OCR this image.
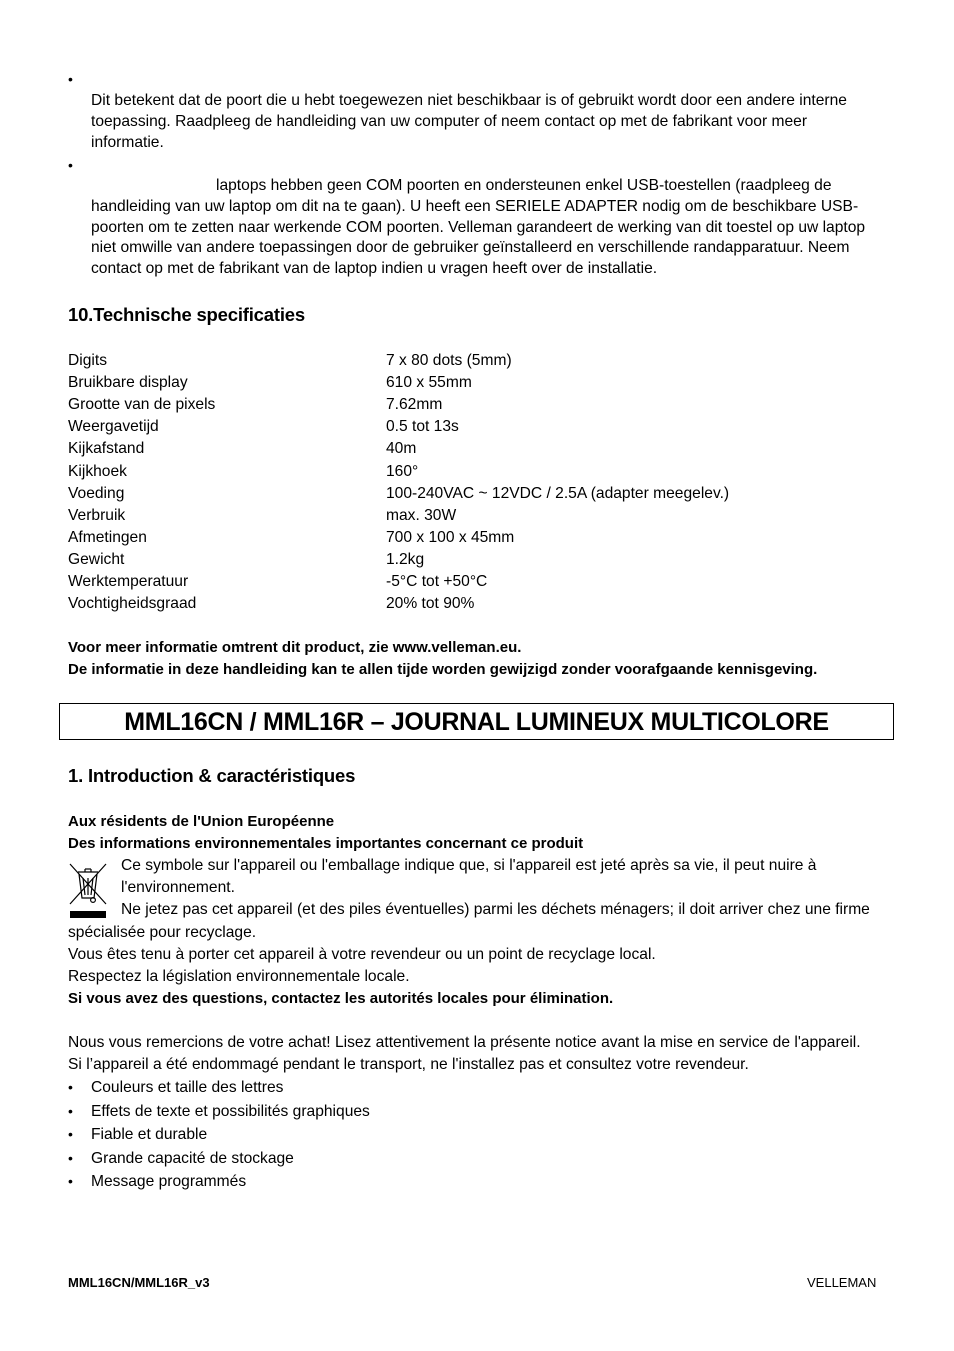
•
Dit betekent dat de poort die u hebt toegewezen niet beschikbaar is of gebruikt wordt door een andere interne
toepassing. Raadpleeg de handleiding van uw computer of neem contact op met de fabrikant voor meer
informatie.
•
laptops hebben geen COM poorten en ondersteunen enkel USB-toestellen (raadpleeg de
handleiding van uw laptop om dit na te gaan). U heeft een SERIELE ADAPTER nodig om de beschikbare USB-
poorten om te zetten naar werkende COM poorten. Velleman garandeert de werking van dit toestel op uw laptop
niet omwille van andere toepassingen door de gebruiker geïnstalleerd en verschillende randapparatuur. Neem
contact op met de fabrikant van de laptop indien u vragen heeft over de installatie.
10.Technische specificaties
Digits	7 x 80 dots (5mm)
Bruikbare display	610 x 55mm
Grootte van de pixels	7.62mm
Weergavetijd	0.5 tot 13s
Kijkafstand	40m
Kijkhoek	160°
Voeding	100-240VAC ~ 12VDC / 2.5A (adapter meegelev.)
Verbruik	max. 30W
Afmetingen	700 x 100 x 45mm
Gewicht	1.2kg
Werktemperatuur	-5°C tot +50°C
Vochtigheidsgraad	20% tot 90%
Voor meer informatie omtrent dit product, zie www.velleman.eu.
De informatie in deze handleiding kan te allen tijde worden gewijzigd zonder voorafgaande kennisgeving.
MML16CN / MML16R – JOURNAL LUMINEUX MULTICOLORE
1. Introduction & caractéristiques
Aux résidents de l'Union Européenne
Des informations environnementales importantes concernant ce produit
Ce symbole sur l'appareil ou l'emballage indique que, si l'appareil est jeté après sa vie, il peut nuire à
l'environnement.
Ne jetez pas cet appareil (et des piles éventuelles) parmi les déchets ménagers; il doit arriver chez une firme
spécialisée pour recyclage.
Vous êtes tenu à porter cet appareil à votre revendeur ou un point de recyclage local.
Respectez la législation environnementale locale.
Si vous avez des questions, contactez les autorités locales pour élimination.
Nous vous remercions de votre achat! Lisez attentivement la présente notice avant la mise en service de l'appareil.
Si l’appareil a été endommagé pendant le transport, ne l'installez pas et consultez votre revendeur.
• Couleurs et taille des lettres
• Effets de texte et possibilités graphiques
• Fiable et durable
• Grande capacité de stockage
• Message programmés
MML16CN/MML16R_v3	VELLEMAN
